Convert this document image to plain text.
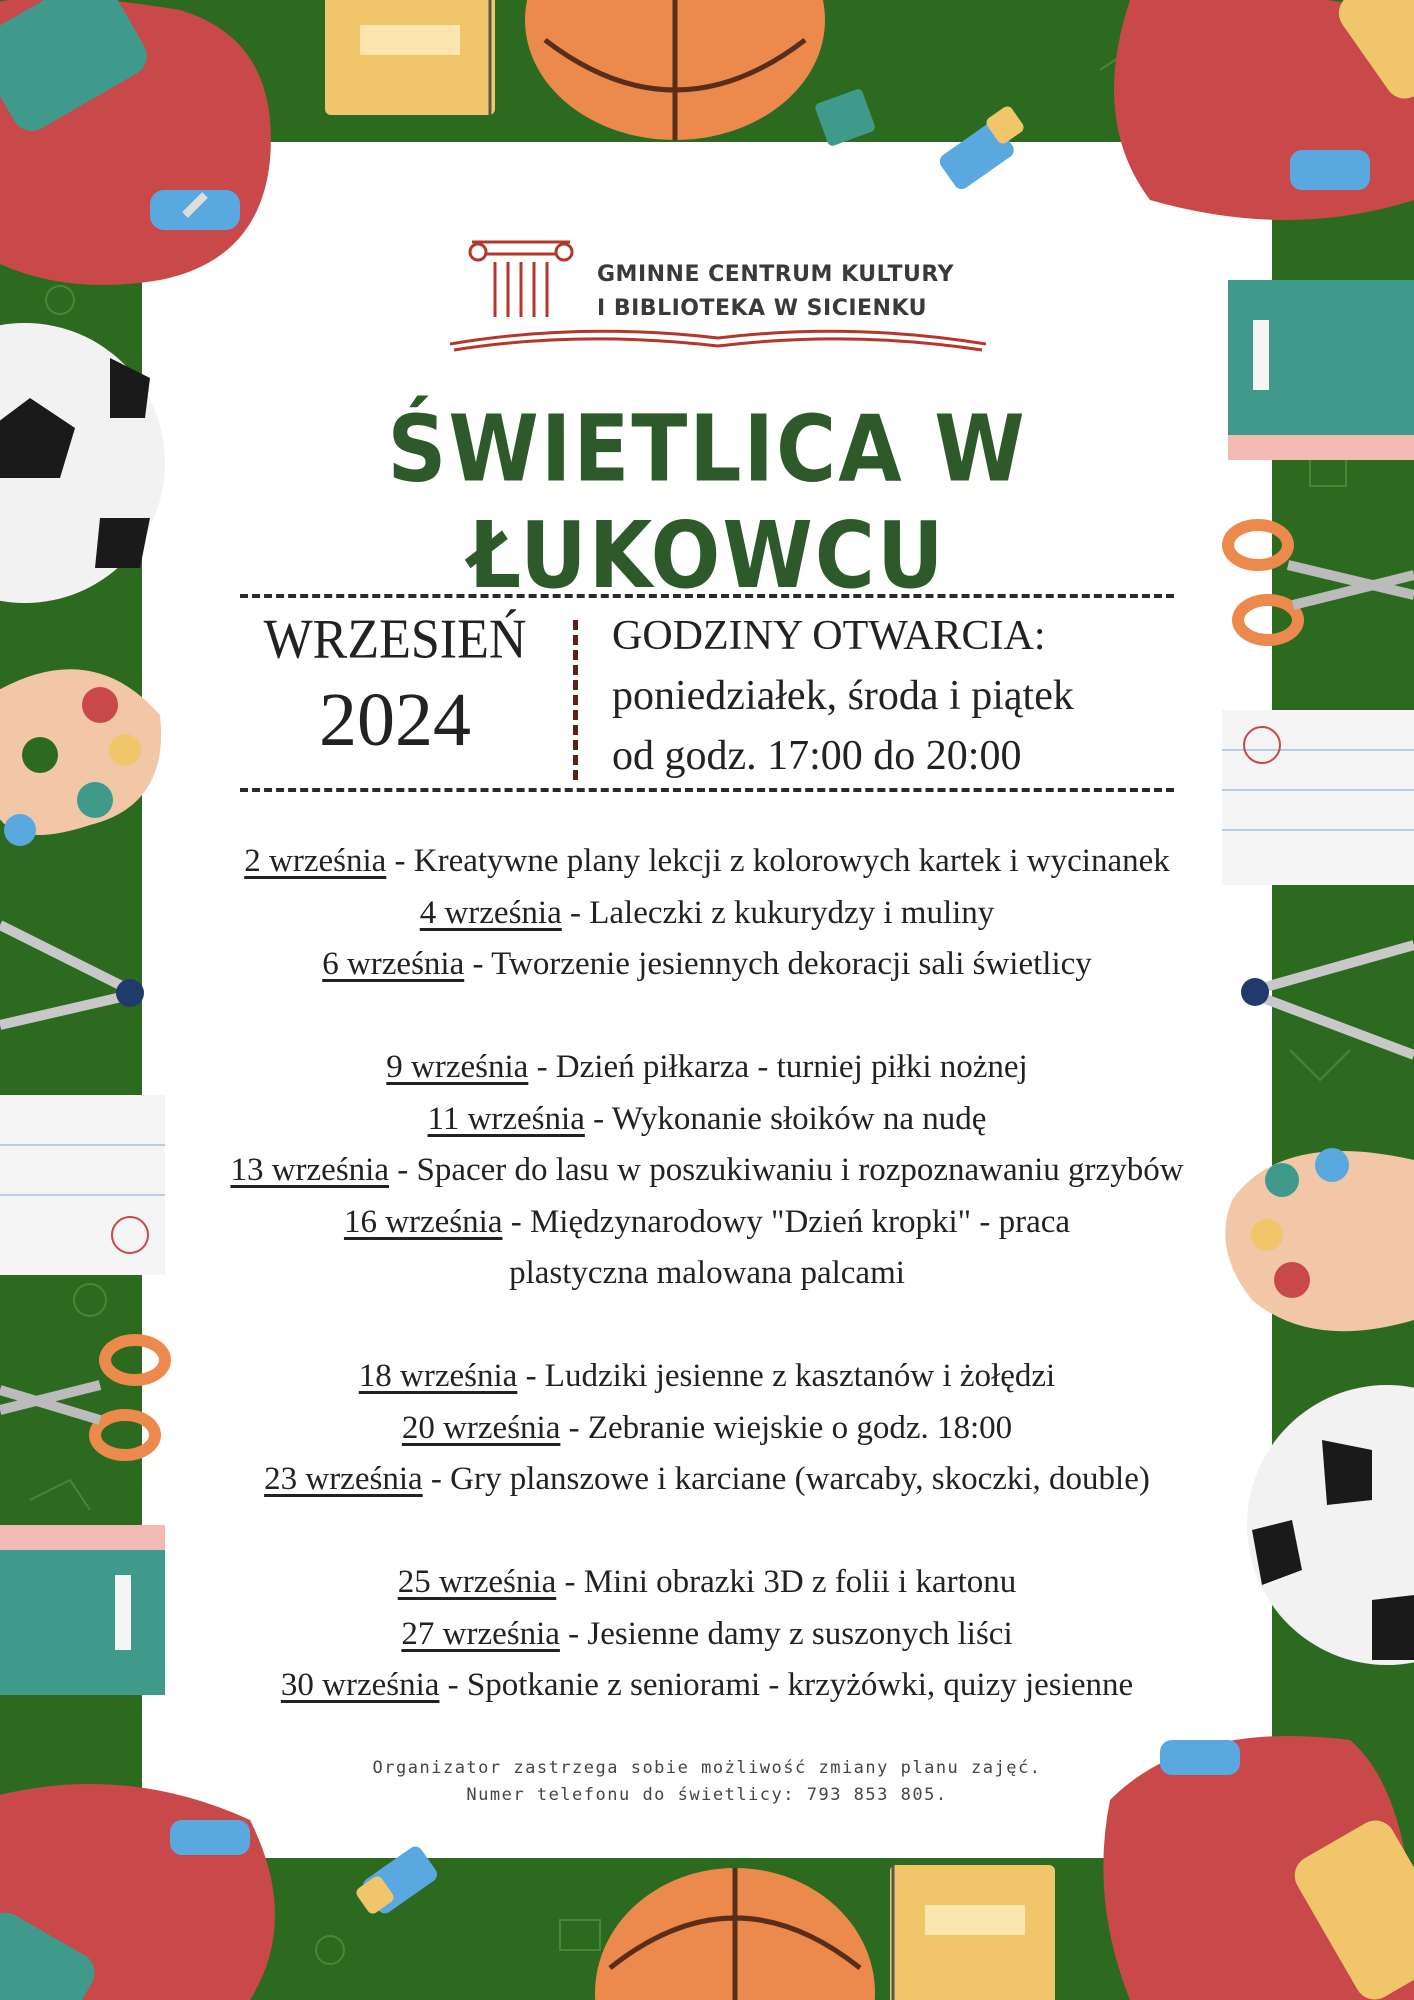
GMINNE CENTRUM KULTURY
I BIBLIOTEKA W SICIENKU
ŚWIETLICA W ŁUKOWCU
WRZESIEŃ
2024
GODZINY OTWARCIA:
poniedziałek, środa i piątek
od godz. 17:00 do 20:00
2 września - Kreatywne plany lekcji z kolorowych kartek i wycinanek
4 września - Laleczki z kukurydzy i muliny
6 września - Tworzenie jesiennych dekoracji sali świetlicy
9 września - Dzień piłkarza - turniej piłki nożnej
11 września - Wykonanie słoików na nudę
13 września - Spacer do lasu w poszukiwaniu i rozpoznawaniu grzybów
16 września - Międzynarodowy "Dzień kropki" - praca plastyczna malowana palcami
18 września - Ludziki jesienne z kasztanów i żołędzi
20 września - Zebranie wiejskie o godz. 18:00
23 września - Gry planszowe i karciane (warcaby, skoczki, double)
25 września - Mini obrazki 3D z folii i kartonu
27 września - Jesienne damy z suszonych liści
30 września - Spotkanie z seniorami - krzyżówki, quizy jesienne
Organizator zastrzega sobie możliwość zmiany planu zajęć.
Numer telefonu do świetlicy: 793 853 805.
